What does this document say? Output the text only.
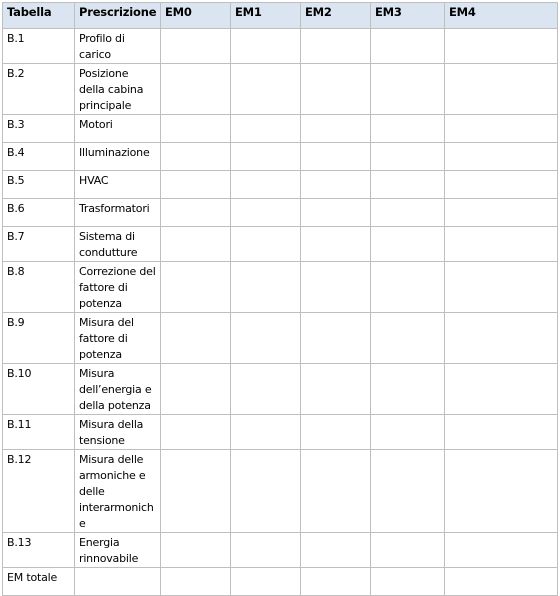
Tabella	Prescrizione	EM0	EM1	EM2	EM3	EM4
B.1	Profilo di carico					
B.2	Posizione della cabina principale					
B.3	Motori					
B.4	Illuminazione					
B.5	HVAC					
B.6	Trasformatori					
B.7	Sistema di condutture					
B.8	Correzione del fattore di potenza					
B.9	Misura del fattore di potenza					
B.10	Misura dell’energia e della potenza					
B.11	Misura della tensione					
B.12	Misura delle armoniche e delle interarmoniche					
B.13	Energia rinnovabile					
EM totale						
